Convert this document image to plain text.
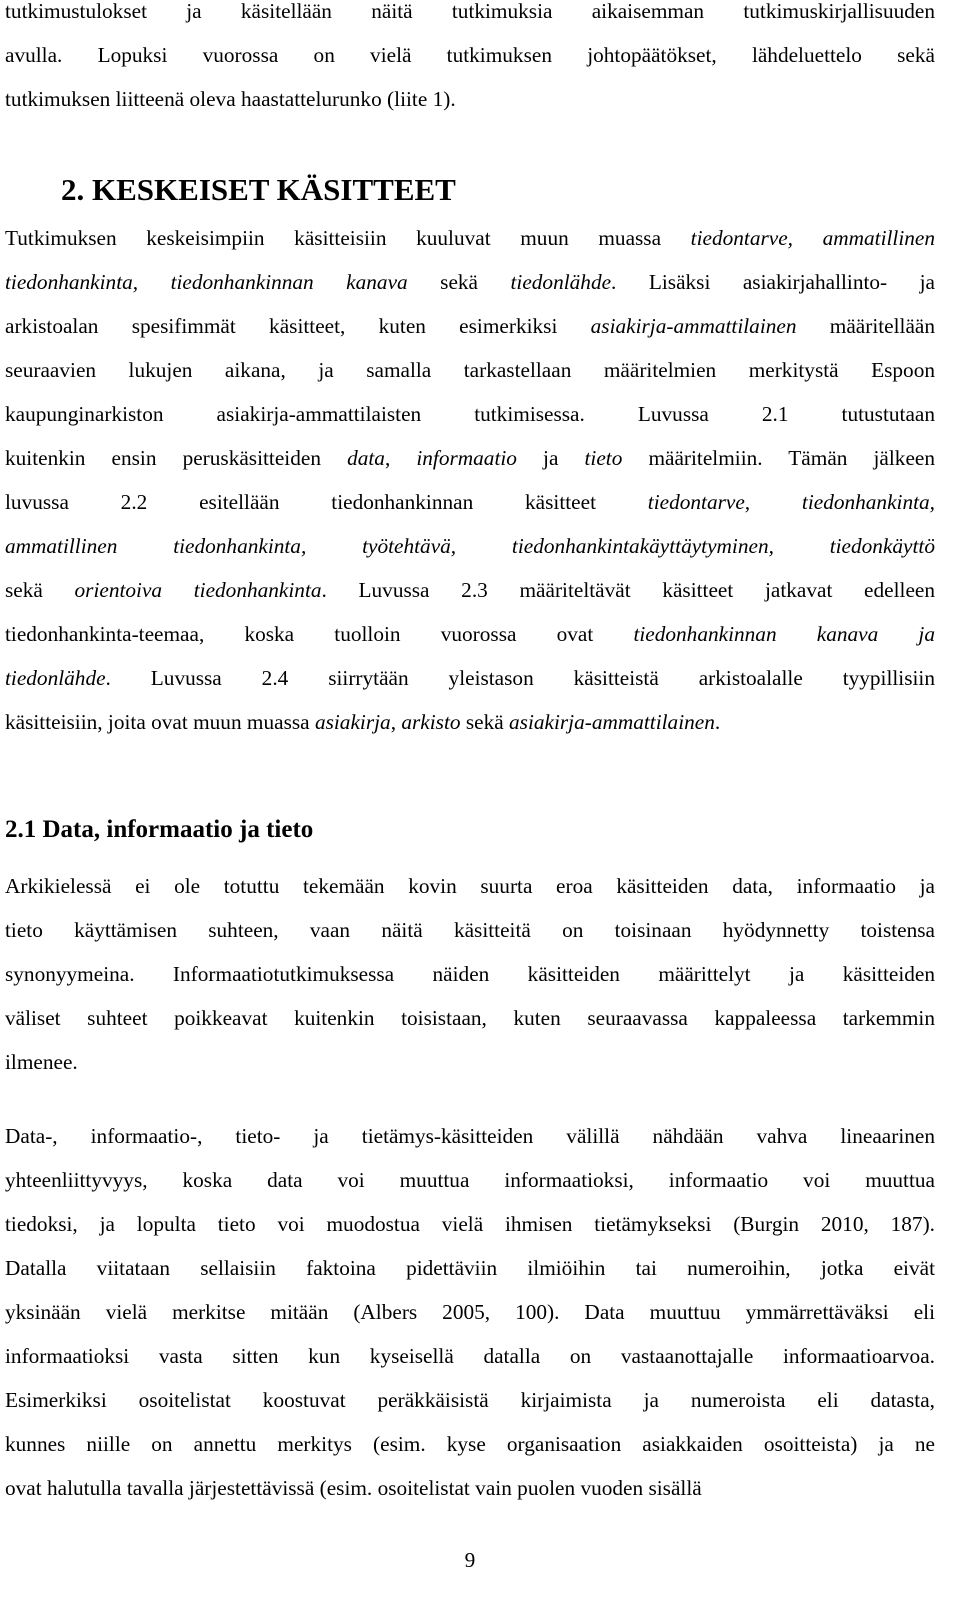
tutkimustulokset ja käsitellään näitä tutkimuksia aikaisemman tutkimuskirjallisuuden
avulla. Lopuksi vuorossa on vielä tutkimuksen johtopäätökset, lähdeluettelo sekä
tutkimuksen liitteenä oleva haastattelurunko (liite 1).
2. KESKEISET KÄSITTEET
Tutkimuksen keskeisimpiin käsitteisiin kuuluvat muun muassa tiedontarve, ammatillinen
tiedonhankinta, tiedonhankinnan kanava sekä tiedonlähde. Lisäksi asiakirjahallinto- ja
arkistoalan spesifimmät käsitteet, kuten esimerkiksi asiakirja-ammattilainen määritellään
seuraavien lukujen aikana, ja samalla tarkastellaan määritelmien merkitystä Espoon
kaupunginarkiston asiakirja-ammattilaisten tutkimisessa. Luvussa 2.1 tutustutaan
kuitenkin ensin peruskäsitteiden data, informaatio ja tieto määritelmiin. Tämän jälkeen
luvussa 2.2 esitellään tiedonhankinnan käsitteet tiedontarve, tiedonhankinta,
ammatillinen tiedonhankinta, työtehtävä, tiedonhankintakäyttäytyminen, tiedonkäyttö
sekä orientoiva tiedonhankinta. Luvussa 2.3 määriteltävät käsitteet jatkavat edelleen
tiedonhankinta-teemaa, koska tuolloin vuorossa ovat tiedonhankinnan kanava ja
tiedonlähde. Luvussa 2.4 siirrytään yleistason käsitteistä arkistoalalle tyypillisiin
käsitteisiin, joita ovat muun muassa asiakirja, arkisto sekä asiakirja-ammattilainen.
2.1 Data, informaatio ja tieto
Arkikielessä ei ole totuttu tekemään kovin suurta eroa käsitteiden data, informaatio ja
tieto käyttämisen suhteen, vaan näitä käsitteitä on toisinaan hyödynnetty toistensa
synonyymeina. Informaatiotutkimuksessa näiden käsitteiden määrittelyt ja käsitteiden
väliset suhteet poikkeavat kuitenkin toisistaan, kuten seuraavassa kappaleessa tarkemmin
ilmenee.
Data-, informaatio-, tieto- ja tietämys-käsitteiden välillä nähdään vahva lineaarinen
yhteenliittyvyys, koska data voi muuttua informaatioksi, informaatio voi muuttua
tiedoksi, ja lopulta tieto voi muodostua vielä ihmisen tietämykseksi (Burgin 2010, 187).
Datalla viitataan sellaisiin faktoina pidettäviin ilmiöihin tai numeroihin, jotka eivät
yksinään vielä merkitse mitään (Albers 2005, 100). Data muuttuu ymmärrettäväksi eli
informaatioksi vasta sitten kun kyseisellä datalla on vastaanottajalle informaatioarvoa.
Esimerkiksi osoitelistat koostuvat peräkkäisistä kirjaimista ja numeroista eli datasta,
kunnes niille on annettu merkitys (esim. kyse organisaation asiakkaiden osoitteista) ja ne
ovat halutulla tavalla järjestettävissä (esim. osoitelistat vain puolen vuoden sisällä
9
